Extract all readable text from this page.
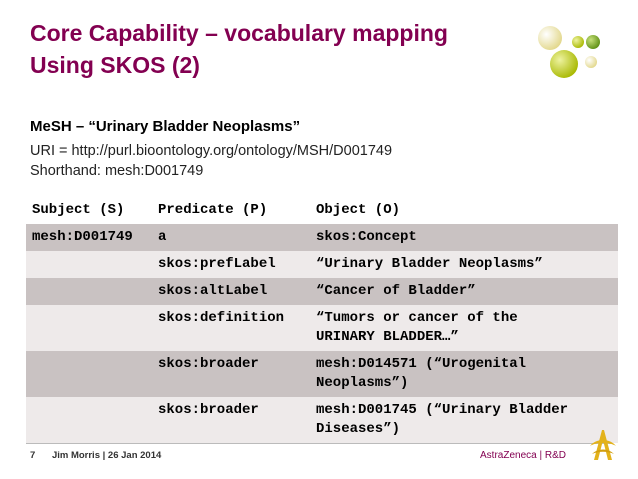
Core Capability – vocabulary mapping
Using SKOS (2)

MeSH – “Urinary Bladder Neoplasms”

URI = http://purl.bioontology.org/ontology/MSH/D001749
Shorthand: mesh:D001749
Subject (S)	Predicate (P)	Object (O)
mesh:D001749	a	skos:Concept
	skos:prefLabel	“Urinary Bladder Neoplasms”
	skos:altLabel	“Cancer of Bladder”
	skos:definition	“Tumors or cancer of the
URINARY BLADDER…”
	skos:broader	mesh:D014571 (“Urogenital
Neoplasms”)
	skos:broader	mesh:D001745 (“Urinary Bladder
Diseases”)
7 Jim Morris | 26 Jan 2014	AstraZeneca | R&D
